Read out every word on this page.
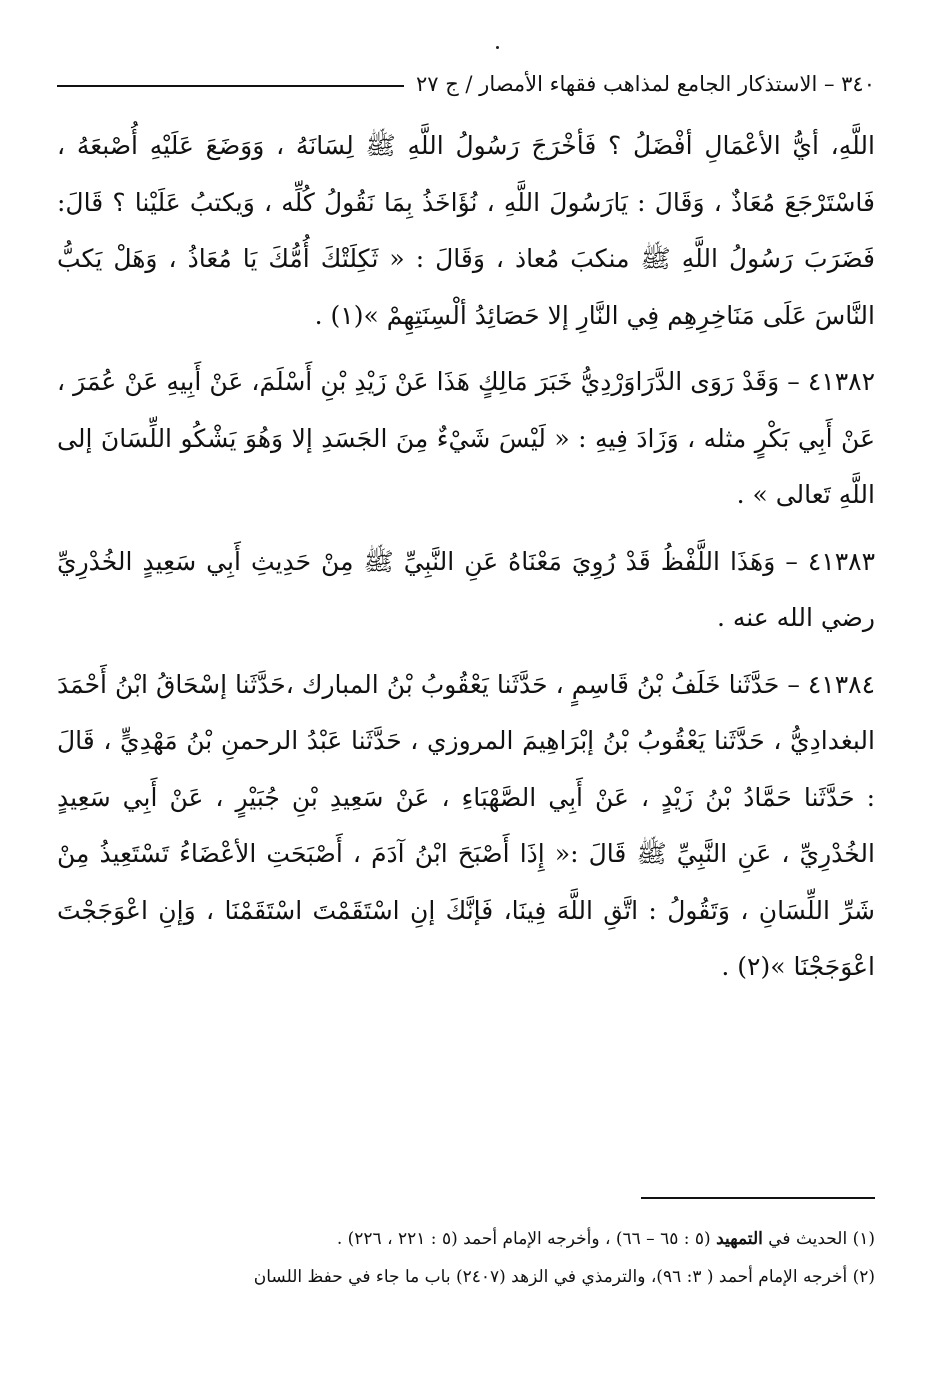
٣٤٠ – الاستذكار الجامع لمذاهب فقهاء الأمصار / ج ٢٧

اللَّهِ، أيُّ الأعْمَالِ أفْضَلُ ؟ فَأخْرَجَ رَسُولُ اللَّهِ ﷺ لِسَانَهُ ، وَوَضَعَ عَلَيْهِ أُصْبعَهُ ، فَاسْتَرْجَعَ مُعَاذٌ ، وَقَالَ : يَارَسُولَ اللَّهِ ، نُؤَاخَذُ بِمَا نَقُولُ كُلِّه ، وَيكتبُ عَلَيْنا ؟ قَالَ: فَضَرَبَ رَسُولُ اللَّهِ ﷺ منكبَ مُعاذ ، وَقَالَ : « ثَكِلَتْكَ أُمُّكَ يَا مُعَاذُ ، وَهَلْ يَكبُّ النَّاسَ عَلَى مَنَاخِرِهِم فِي النَّارِ إلا حَصَائِدُ ألْسِنَتِهِمْ »(١) .

٤١٣٨٢ – وَقَدْ رَوَى الدَّرَاوَرْدِيُّ خَبَرَ مَالِكٍ هَذَا عَنْ زَيْدِ بْنِ أَسْلَمَ، عَنْ أَبِيهِ عَنْ عُمَرَ ، عَنْ أَبِي بَكْرٍ مثله ، وَزَادَ فِيهِ : « لَيْسَ شَيْءٌ مِنَ الجَسَدِ إلا وَهُوَ يَشْكُو اللِّسَانَ إلى اللَّهِ تَعالى » .

٤١٣٨٣ – وَهَذَا اللَّفْظُ قَدْ رُوِيَ مَعْنَاهُ عَنِ النَّبِيِّ ﷺ مِنْ حَدِيثِ أَبِي سَعِيدٍ الخُدْرِيِّ رضي الله عنه .

٤١٣٨٤ – حَدَّثَنا خَلَفُ بْنُ قَاسِمٍ ، حَدَّثَنا يَعْقُوبُ بْنُ المبارك ،حَدَّثَنا إسْحَاقُ ابْنُ أَحْمَدَ البغدادِيُّ ، حَدَّثَنا يَعْقُوبُ بْنُ إبْرَاهِيمَ المروزي ، حَدَّثَنا عَبْدُ الرحمنِ بْنُ مَهْدِيٍّ ، قَالَ : حَدَّثَنا حَمَّادُ بْنُ زَيْدٍ ، عَنْ أَبِي الصَّهْبَاءِ ، عَنْ سَعِيدِ بْنِ جُبَيْرٍ ، عَنْ أَبِي سَعِيدٍ الخُدْرِيِّ ، عَنِ النَّبِيِّ ﷺ قَالَ :« إِذَا أَصْبَحَ ابْنُ آدَمَ ، أَصْبَحَتِ الأعْضَاءُ تَسْتَعِيذُ مِنْ شَرِّ اللِّسَانِ ، وَتَقُولُ : اتَّقِ اللَّهَ فِينَا، فَإنَّكَ إنِ اسْتَقَمْتَ اسْتَقَمْنَا ، وَإنِ اعْوَجَجْتَ اعْوَجَجْنَا »(٢) .

(١) الحديث في التمهيد (٥ : ٦٥ – ٦٦) ، وأخرجه الإمام أحمد (٥ : ٢٢١ ، ٢٢٦) .

(٢) أخرجه الإمام أحمد ( ٣: ٩٦)، والترمذي في الزهد (٢٤٠٧) باب ما جاء في حفظ اللسان
